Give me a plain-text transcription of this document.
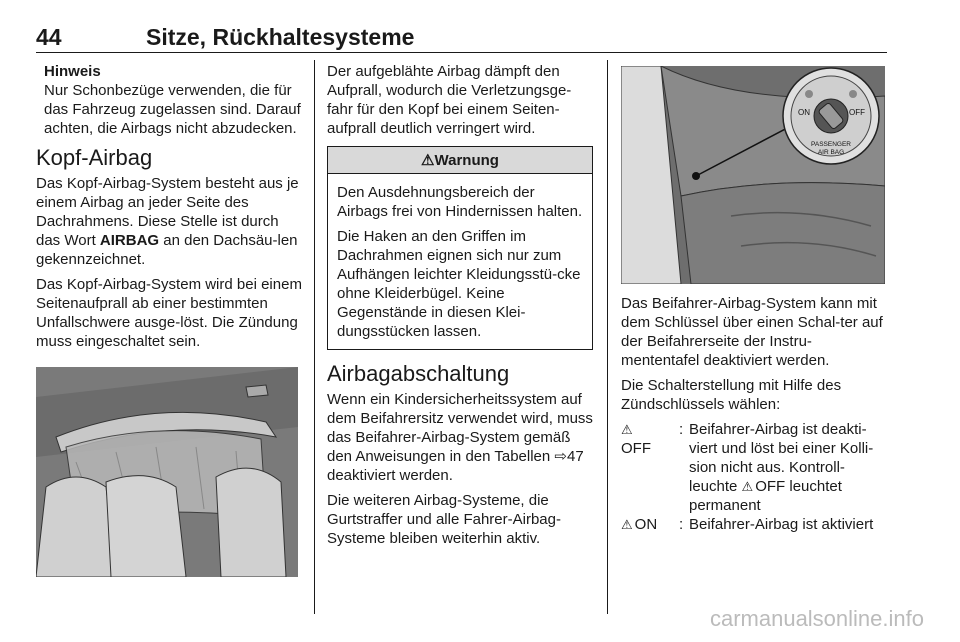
44	Sitze, Rückhaltesysteme
Hinweis
Nur Schonbezüge verwenden, die für das Fahrzeug zugelassen sind. Darauf achten, die Airbags nicht abzudecken.
Kopf-Airbag

Das Kopf-Airbag-System besteht aus je einem Airbag an jeder Seite des Dachrahmens. Diese Stelle ist durch das Wort AIRBAG an den Dachsäu-len gekennzeichnet.

Das Kopf-Airbag-System wird bei einem Seitenaufprall ab einer bestimmten Unfallschwere ausge-löst. Die Zündung muss eingeschaltet sein.

Der aufgeblähte Airbag dämpft den Aufprall, wodurch die Verletzungsge-fahr für den Kopf bei einem Seiten-aufprall deutlich verringert wird.

⚠Warnung

Den Ausdehnungsbereich der Airbags frei von Hindernissen halten.

Die Haken an den Griffen im Dachrahmen eignen sich nur zum Aufhängen leichter Kleidungsstü-cke ohne Kleiderbügel. Keine Gegenstände in diesen Klei-dungsstücken lassen.

Airbagabschaltung

Wenn ein Kindersicherheitssystem auf dem Beifahrersitz verwendet wird, muss das Beifahrer-Airbag-System gemäß den Anweisungen in den Tabellen ⇨47 deaktiviert werden.

Die weiteren Airbag-Systeme, die Gurtstraffer und alle Fahrer-Airbag-Systeme bleiben weiterhin aktiv.

ON	OFF
PASSENGER
AIR BAG

Das Beifahrer-Airbag-System kann mit dem Schlüssel über einen Schal-ter auf der Beifahrerseite der Instru-mententafel deaktiviert werden.

Die Schalterstellung mit Hilfe des Zündschlüssels wählen:

⚠
OFF	:	Beifahrer-Airbag ist deakti-viert und löst bei einer Kolli-sion nicht aus. Kontroll-leuchte ⚠ OFF leuchtet permanent
⚠ ON	:	Beifahrer-Airbag ist aktiviert
carmanualsonline.info
